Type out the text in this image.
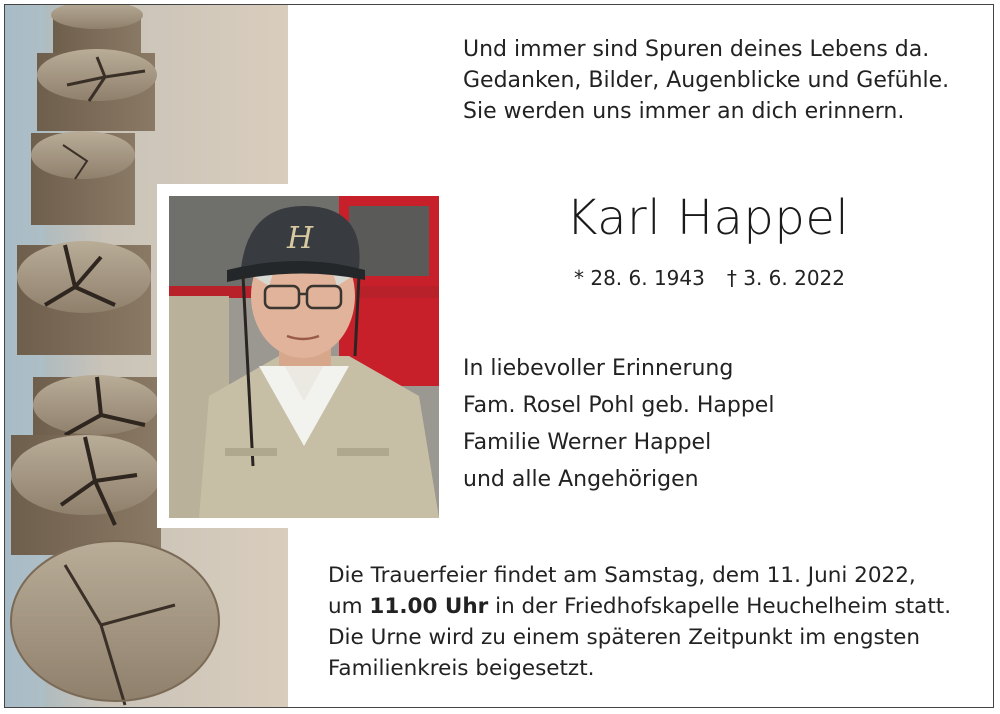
H
Und immer sind Spuren deines Lebens da.
Gedanken, Bilder, Augenblicke und Gefühle.
Sie werden uns immer an dich erinnern.
Karl Happel
* 28. 6. 1943 † 3. 6. 2022
In liebevoller Erinnerung
Fam. Rosel Pohl geb. Happel
Familie Werner Happel
und alle Angehörigen
Die Trauerfeier findet am Samstag, dem 11. Juni 2022,
um 11.00 Uhr in der Friedhofskapelle Heuchelheim statt.
Die Urne wird zu einem späteren Zeitpunkt im engsten
Familienkreis beigesetzt.
